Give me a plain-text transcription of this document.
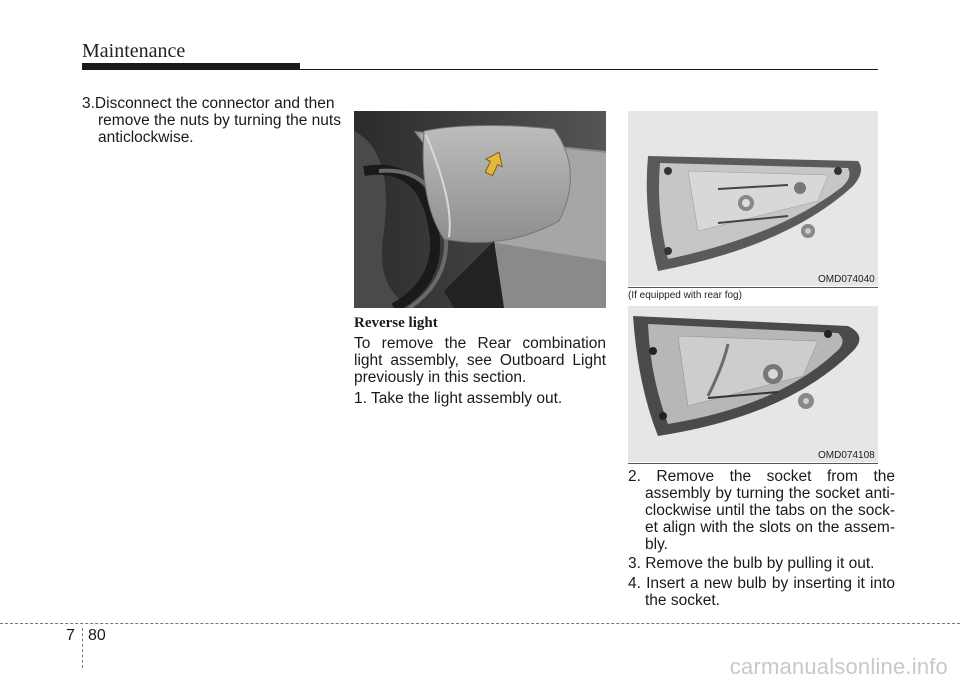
Maintenance
3.Disconnect the connector and then remove the nuts by turning the nuts anticlockwise.
OMD074040
(If equipped with rear fog)
OMD074108
Reverse light
To remove the Rear combination light assembly, see Outboard Light previously in this section.
1. Take the light assembly out.
2. Remove the socket from the assembly by turning the socket anti-clockwise until the tabs on the sock-et align with the slots on the assem-bly.
3. Remove the bulb by pulling it out.
4. Insert a new bulb by inserting it into the socket.
7 80
carmanualsonline.info
